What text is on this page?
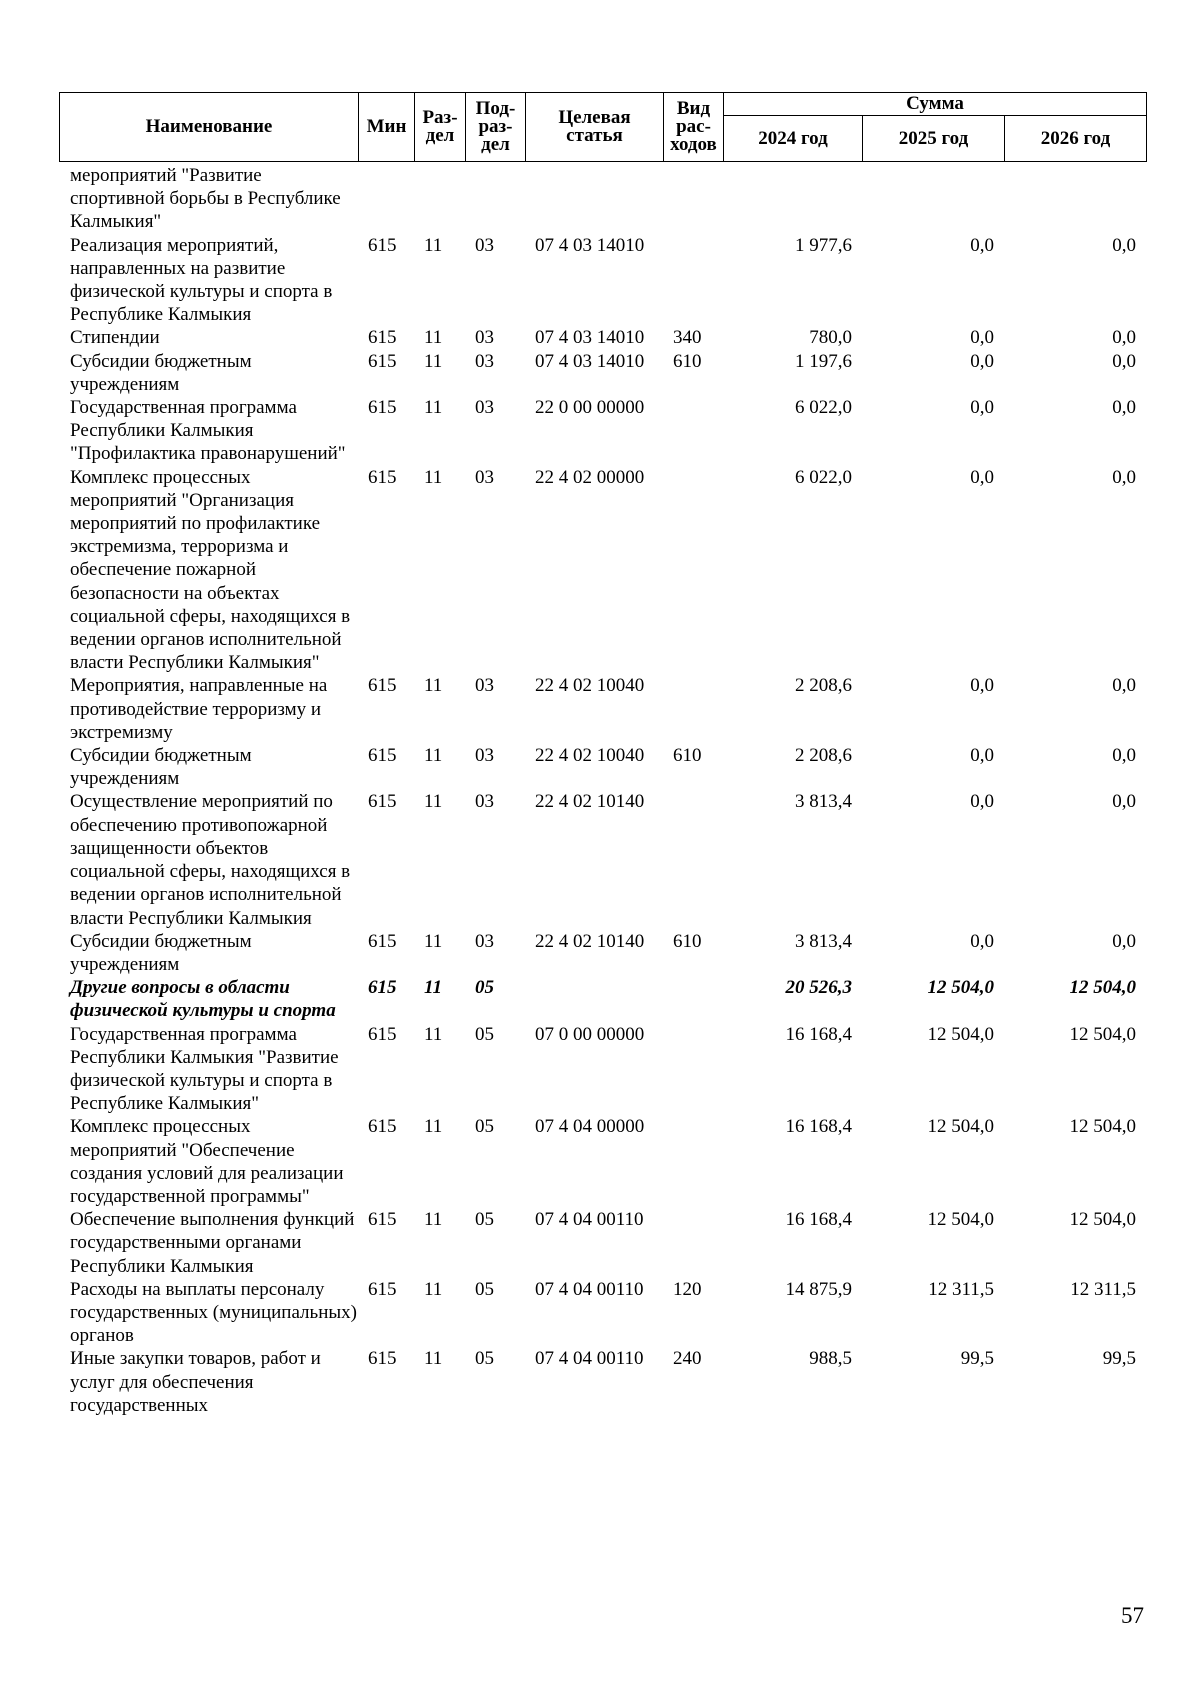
Наименование	Мин	Раз-
дел	Под-
раз-
дел	Целевая
статья	Вид
рас-
ходов	Сумма		
						2024 год	2025 год	2026 год
мероприятий "Развитие спортивной борьбы в Республике Калмыкия"								
Реализация мероприятий, направленных на развитие физической культуры и спорта в Республике Калмыкия	615	11	03	07 4 03 14010		1 977,6	0,0	0,0
Стипендии	615	11	03	07 4 03 14010	340	780,0	0,0	0,0
Субсидии бюджетным учреждениям	615	11	03	07 4 03 14010	610	1 197,6	0,0	0,0
Государственная программа Республики Калмыкия "Профилактика правонарушений"	615	11	03	22 0 00 00000		6 022,0	0,0	0,0
Комплекс процессных мероприятий "Организация мероприятий по профилактике экстремизма, терроризма и обеспечение пожарной безопасности на объектах социальной сферы, находящихся в ведении органов исполнительной власти Республики Калмыкия"	615	11	03	22 4 02 00000		6 022,0	0,0	0,0
Мероприятия, направленные на противодействие терроризму и экстремизму	615	11	03	22 4 02 10040		2 208,6	0,0	0,0
Субсидии бюджетным учреждениям	615	11	03	22 4 02 10040	610	2 208,6	0,0	0,0
Осуществление мероприятий по обеспечению противопожарной защищенности объектов социальной сферы, находящихся в ведении органов исполнительной власти Республики Калмыкия	615	11	03	22 4 02 10140		3 813,4	0,0	0,0
Субсидии бюджетным учреждениям	615	11	03	22 4 02 10140	610	3 813,4	0,0	0,0
Другие вопросы в области физической культуры и спорта	615	11	05			20 526,3	12 504,0	12 504,0
Государственная программа Республики Калмыкия "Развитие физической культуры и спорта в Республике Калмыкия"	615	11	05	07 0 00 00000		16 168,4	12 504,0	12 504,0
Комплекс процессных мероприятий "Обеспечение создания условий для реализации государственной программы"	615	11	05	07 4 04 00000		16 168,4	12 504,0	12 504,0
Обеспечение выполнения функций государственными органами Республики Калмыкия	615	11	05	07 4 04 00110		16 168,4	12 504,0	12 504,0
Расходы на выплаты персоналу государственных (муниципальных) органов	615	11	05	07 4 04 00110	120	14 875,9	12 311,5	12 311,5
Иные закупки товаров, работ и услуг для обеспечения государственных	615	11	05	07 4 04 00110	240	988,5	99,5	99,5
57
